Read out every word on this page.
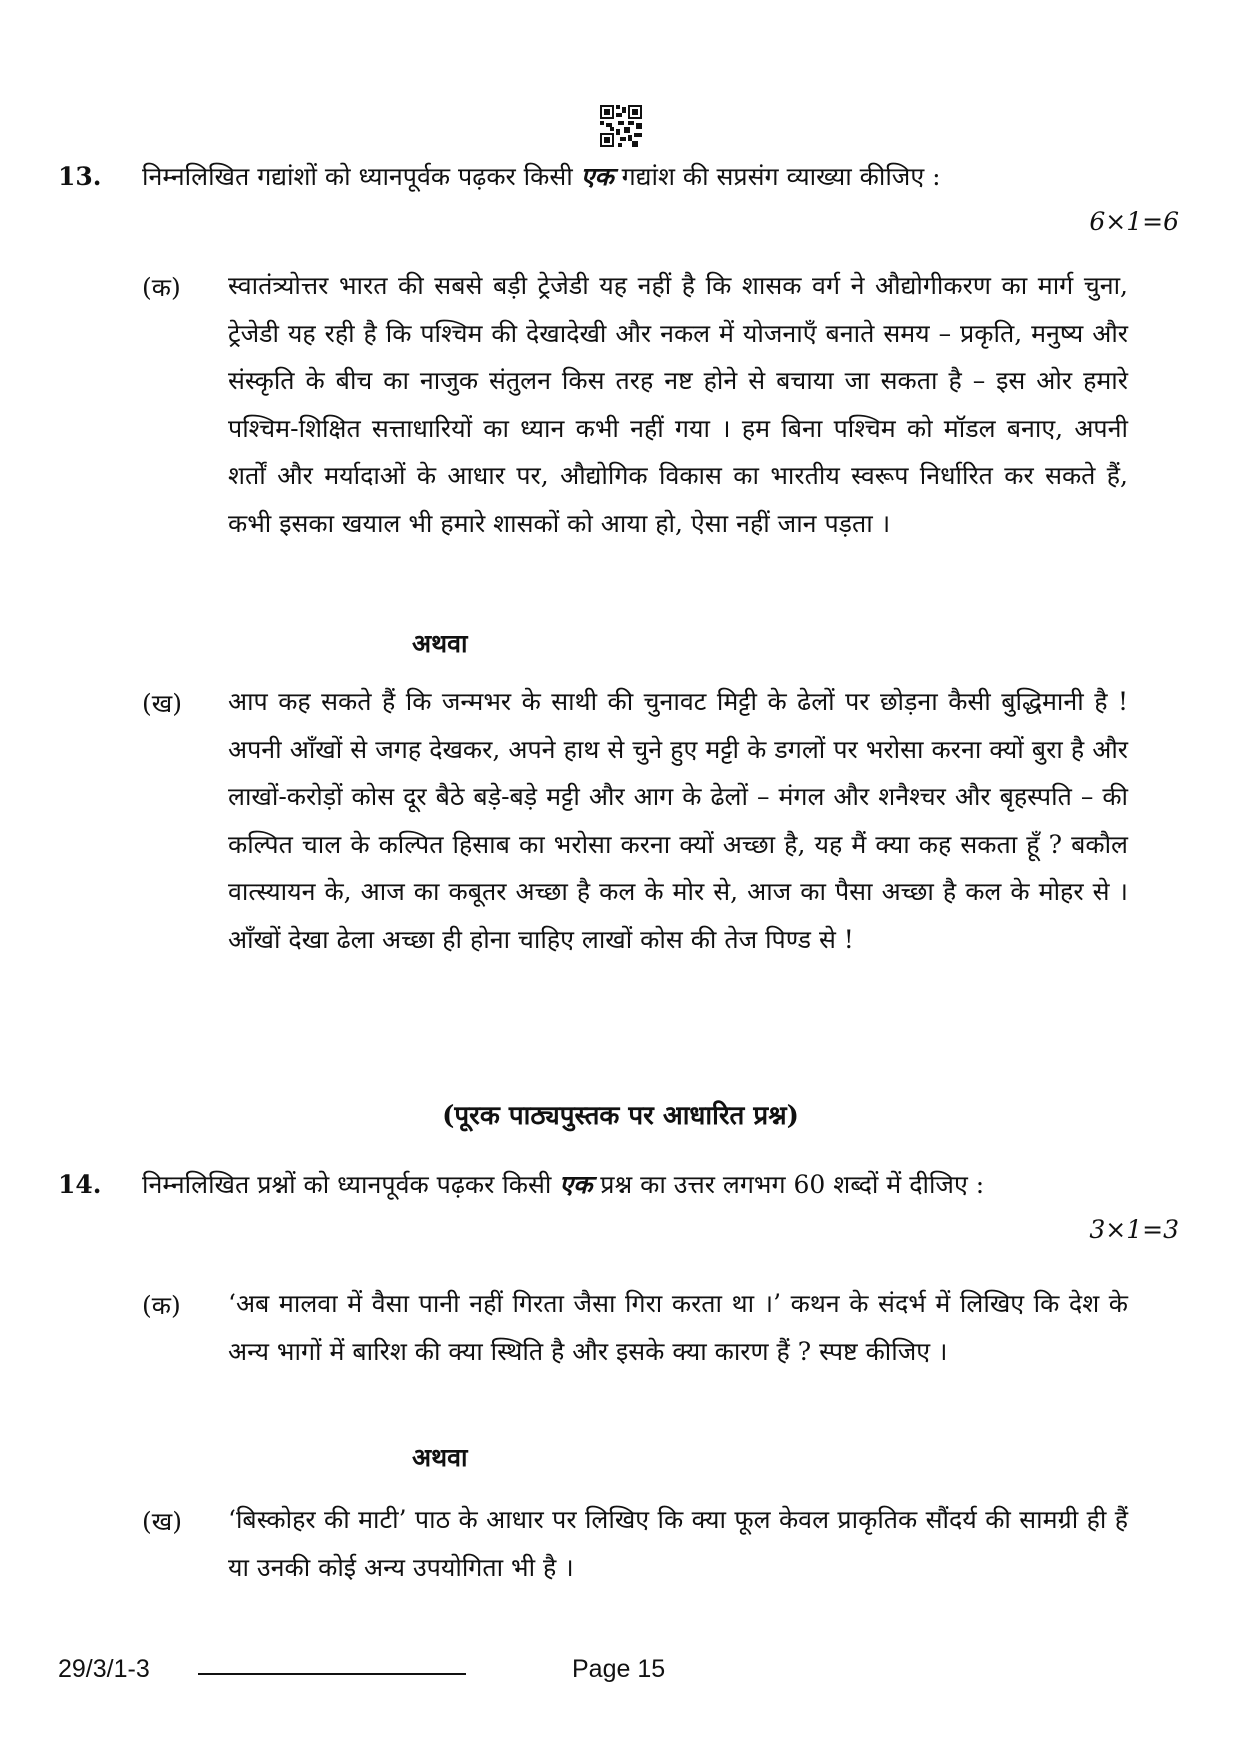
13. निम्नलिखित गद्यांशों को ध्यानपूर्वक पढ़कर किसी एक गद्यांश की सप्रसंग व्याख्या कीजिए :
6×1=6
(क) स्वातंत्र्योत्तर भारत की सबसे बड़ी ट्रेजेडी यह नहीं है कि शासक वर्ग ने औद्योगीकरण का मार्ग चुना, ट्रेजेडी यह रही है कि पश्चिम की देखादेखी और नकल में योजनाएँ बनाते समय – प्रकृति, मनुष्य और संस्कृति के बीच का नाजुक संतुलन किस तरह नष्ट होने से बचाया जा सकता है – इस ओर हमारे पश्चिम-शिक्षित सत्ताधारियों का ध्यान कभी नहीं गया । हम बिना पश्चिम को मॉडल बनाए, अपनी शर्तों और मर्यादाओं के आधार पर, औद्योगिक विकास का भारतीय स्वरूप निर्धारित कर सकते हैं, कभी इसका खयाल भी हमारे शासकों को आया हो, ऐसा नहीं जान पड़ता ।
अथवा
(ख) आप कह सकते हैं कि जन्मभर के साथी की चुनावट मिट्टी के ढेलों पर छोड़ना कैसी बुद्धिमानी है ! अपनी आँखों से जगह देखकर, अपने हाथ से चुने हुए मट्टी के डगलों पर भरोसा करना क्यों बुरा है और लाखों-करोड़ों कोस दूर बैठे बड़े-बड़े मट्टी और आग के ढेलों – मंगल और शनैश्चर और बृहस्पति – की कल्पित चाल के कल्पित हिसाब का भरोसा करना क्यों अच्छा है, यह मैं क्या कह सकता हूँ ? बकौल वात्स्यायन के, आज का कबूतर अच्छा है कल के मोर से, आज का पैसा अच्छा है कल के मोहर से । आँखों देखा ढेला अच्छा ही होना चाहिए लाखों कोस की तेज पिण्ड से !
(पूरक पाठ्यपुस्तक पर आधारित प्रश्न)
14. निम्नलिखित प्रश्नों को ध्यानपूर्वक पढ़कर किसी एक प्रश्न का उत्तर लगभग 60 शब्दों में दीजिए :
3×1=3
(क) ‘अब मालवा में वैसा पानी नहीं गिरता जैसा गिरा करता था ।’ कथन के संदर्भ में लिखिए कि देश के अन्य भागों में बारिश की क्या स्थिति है और इसके क्या कारण हैं ? स्पष्ट कीजिए ।
अथवा
(ख) ‘बिस्कोहर की माटी’ पाठ के आधार पर लिखिए कि क्या फूल केवल प्राकृतिक सौंदर्य की सामग्री ही हैं या उनकी कोई अन्य उपयोगिता भी है ।
29/3/1-3	Page 15
